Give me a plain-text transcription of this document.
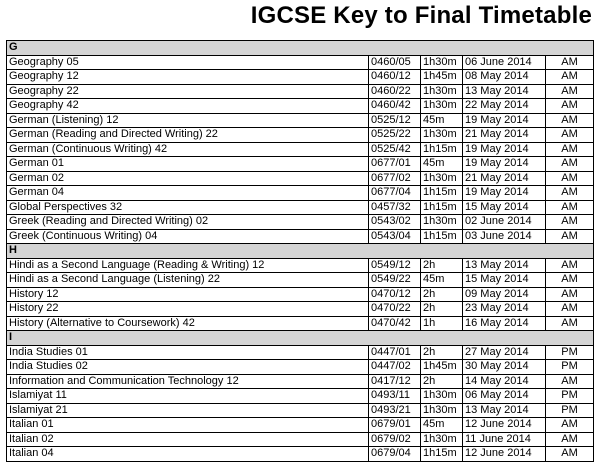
IGCSE Key to Final Timetable
G				
Geography 05	0460/05	1h30m	06 June 2014	AM
Geography 12	0460/12	1h45m	08 May 2014	AM
Geography 22	0460/22	1h30m	13 May 2014	AM
Geography 42	0460/42	1h30m	22 May 2014	AM
German (Listening) 12	0525/12	45m	19 May 2014	AM
German (Reading and Directed Writing) 22	0525/22	1h30m	21 May 2014	AM
German (Continuous Writing) 42	0525/42	1h15m	19 May 2014	AM
German 01	0677/01	45m	19 May 2014	AM
German 02	0677/02	1h30m	21 May 2014	AM
German 04	0677/04	1h15m	19 May 2014	AM
Global Perspectives 32	0457/32	1h15m	15 May 2014	AM
Greek (Reading and Directed Writing) 02	0543/02	1h30m	02 June 2014	AM
Greek (Continuous Writing) 04	0543/04	1h15m	03 June 2014	AM
H				
Hindi as a Second Language (Reading & Writing) 12	0549/12	2h	13 May 2014	AM
Hindi as a Second Language (Listening) 22	0549/22	45m	15 May 2014	AM
History 12	0470/12	2h	09 May 2014	AM
History 22	0470/22	2h	23 May 2014	AM
History (Alternative to Coursework) 42	0470/42	1h	16 May 2014	AM
I				
India Studies 01	0447/01	2h	27 May 2014	PM
India Studies 02	0447/02	1h45m	30 May 2014	PM
Information and Communication Technology 12	0417/12	2h	14 May 2014	AM
Islamiyat 11	0493/11	1h30m	06 May 2014	PM
Islamiyat 21	0493/21	1h30m	13 May 2014	PM
Italian 01	0679/01	45m	12 June 2014	AM
Italian 02	0679/02	1h30m	11 June 2014	AM
Italian 04	0679/04	1h15m	12 June 2014	AM
